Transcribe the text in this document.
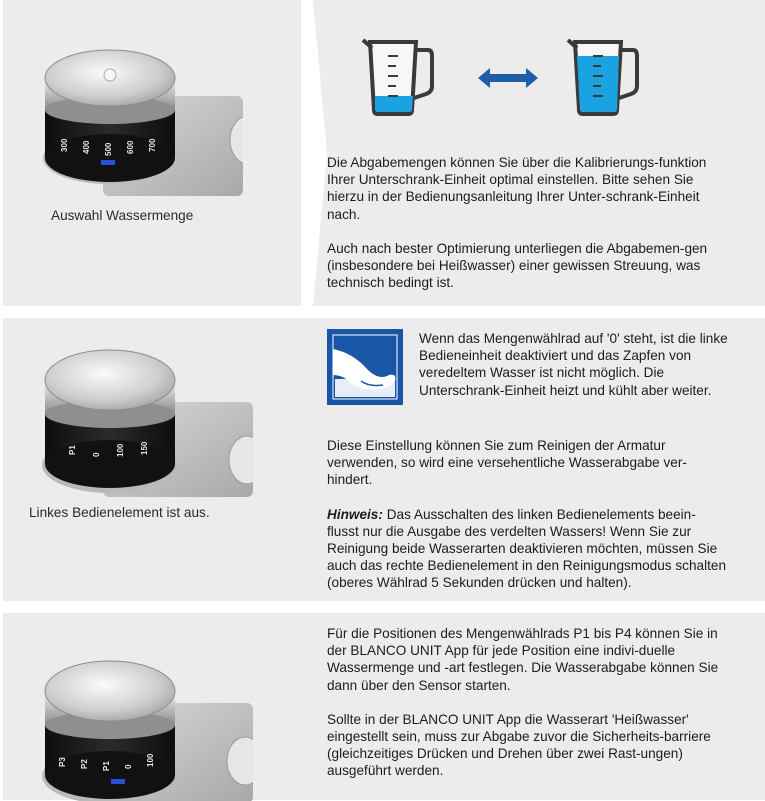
300 400 500 600 700
Auswahl Wassermenge

Die Abgabemengen können Sie über die Kalibrierungs-funktion Ihrer Unterschrank-Einheit optimal einstellen. Bitte sehen Sie hierzu in der Bedienungsanleitung Ihrer Unter-schrank-Einheit nach.

Auch nach bester Optimierung unterliegen die Abgabemen-gen (insbesondere bei Heißwasser) einer gewissen Streuung, was technisch bedingt ist.

P1 0 100 150
Linkes Bedienelement ist aus.
Wenn das Mengenwählrad auf '0' steht, ist die linke Bedieneinheit deaktiviert und das Zapfen von veredeltem Wasser ist nicht möglich. Die Unterschrank-Einheit heizt und kühlt aber weiter.

Diese Einstellung können Sie zum Reinigen der Armatur verwenden, so wird eine versehentliche Wasserabgabe ver-hindert.

Hinweis: Das Ausschalten des linken Bedienelements beein-flusst nur die Ausgabe des verdelten Wassers! Wenn Sie zur Reinigung beide Wasserarten deaktivieren möchten, müssen Sie auch das rechte Bedienelement in den Reinigungsmodus schalten (oberes Wählrad 5 Sekunden drücken und halten).

P3 P2 P1 0 100

Für die Positionen des Mengenwählrads P1 bis P4 können Sie in der BLANCO UNIT App für jede Position eine indivi-duelle Wassermenge und -art festlegen. Die Wasserabgabe können Sie dann über den Sensor starten.

Sollte in der BLANCO UNIT App die Wasserart 'Heißwasser' eingestellt sein, muss zur Abgabe zuvor die Sicherheits-barriere (gleichzeitiges Drücken und Drehen über zwei Rast-ungen) ausgeführt werden.
